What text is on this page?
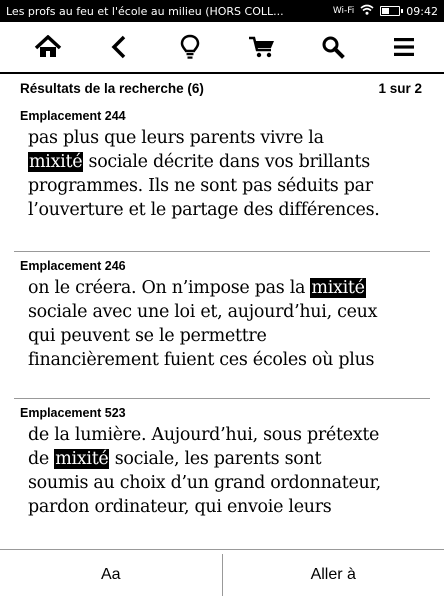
Les profs au feu et l'école au milieu (HORS COLL...	Wi-Fi	09:42
Résultats de la recherche (6)	1 sur 2
Emplacement 244
pas plus que leurs parents vivre la
mixité sociale décrite dans vos brillants
programmes. Ils ne sont pas séduits par
l’ouverture et le partage des différences.
Emplacement 246
on le créera. On n’impose pas la mixité
sociale avec une loi et, aujourd’hui, ceux
qui peuvent se le permettre
financièrement fuient ces écoles où plus
Emplacement 523
de la lumière. Aujourd’hui, sous prétexte
de mixité sociale, les parents sont
soumis au choix d’un grand ordonnateur,
pardon ordinateur, qui envoie leurs
Aa	Aller à
